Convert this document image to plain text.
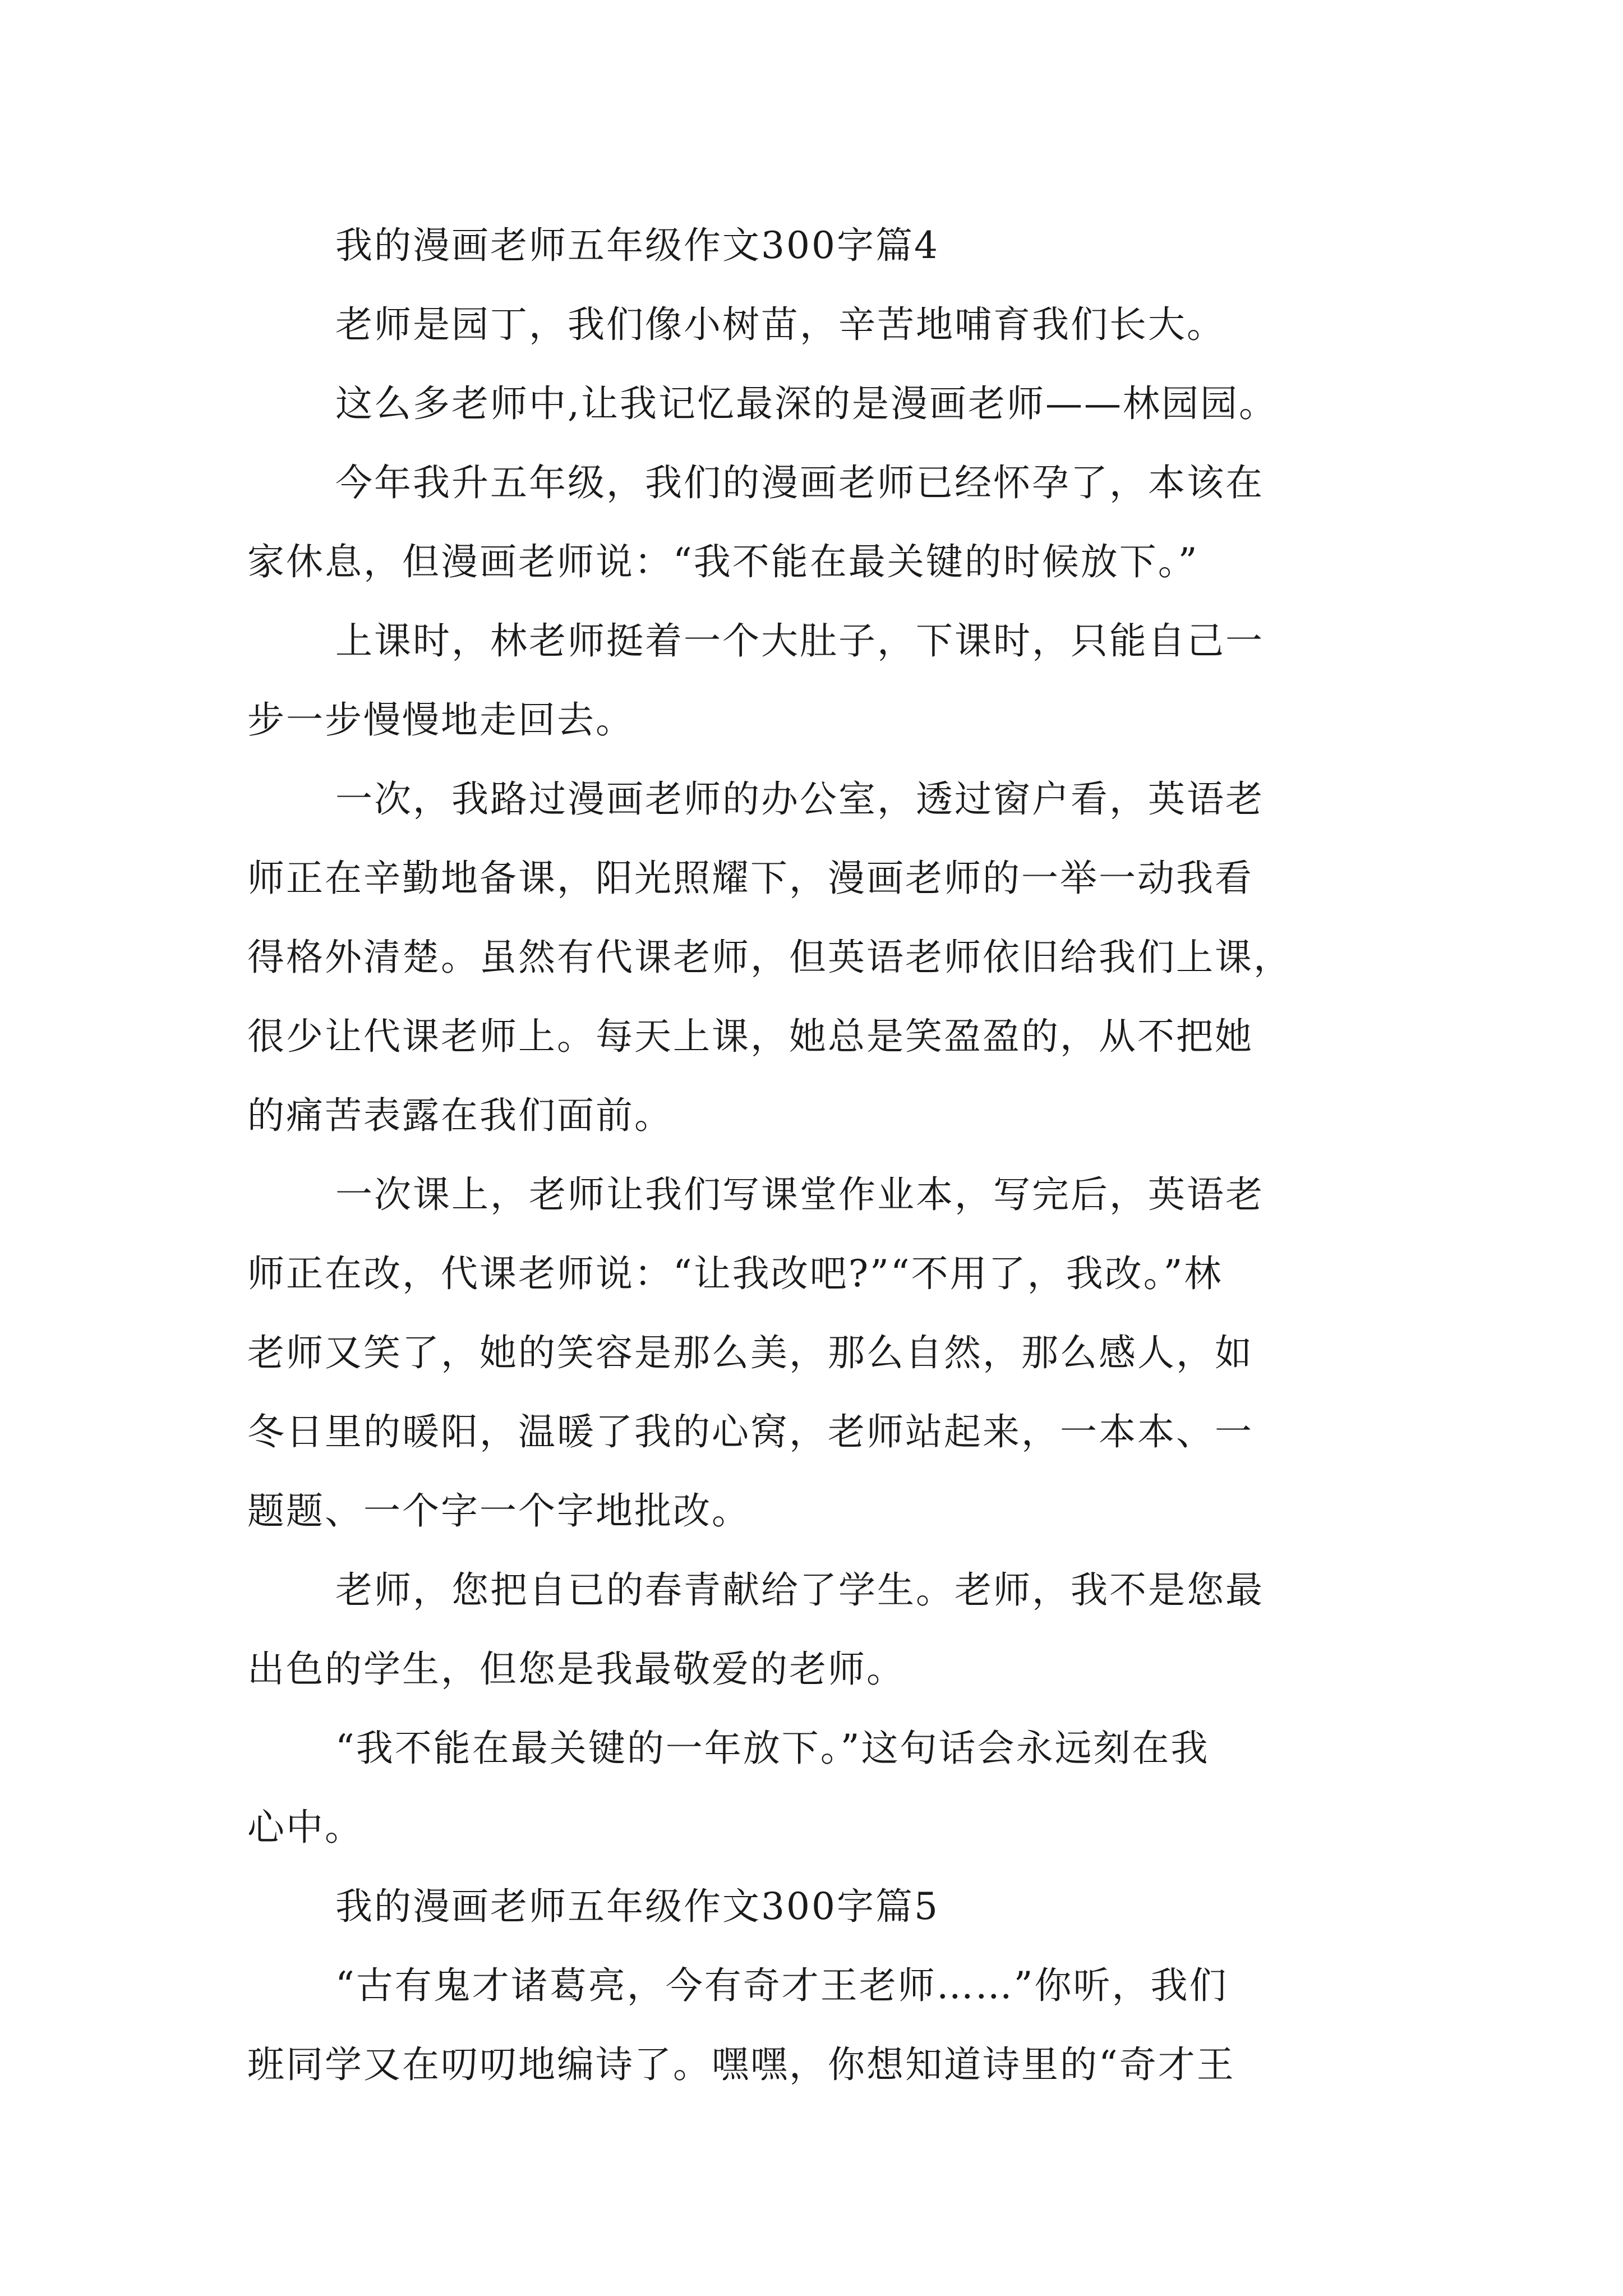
我的漫画老师五年级作文300字篇4
老师是园丁，我们像小树苗，辛苦地哺育我们长大。
这么多老师中,让我记忆最深的是漫画老师——林园园。
今年我升五年级，我们的漫画老师已经怀孕了，本该在
家休息，但漫画老师说：“我不能在最关键的时候放下。”
上课时，林老师挺着一个大肚子，下课时，只能自己一
步一步慢慢地走回去。
一次，我路过漫画老师的办公室，透过窗户看，英语老
师正在辛勤地备课，阳光照耀下，漫画老师的一举一动我看
得格外清楚。虽然有代课老师，但英语老师依旧给我们上课，
很少让代课老师上。每天上课，她总是笑盈盈的，从不把她
的痛苦表露在我们面前。
一次课上，老师让我们写课堂作业本，写完后，英语老
师正在改，代课老师说：“让我改吧?”“不用了，我改。”林
老师又笑了，她的笑容是那么美，那么自然，那么感人，如
冬日里的暖阳，温暖了我的心窝，老师站起来，一本本、一
题题、一个字一个字地批改。
老师，您把自已的春青献给了学生。老师，我不是您最
出色的学生，但您是我最敬爱的老师。
“我不能在最关键的一年放下。”这句话会永远刻在我
心中。
我的漫画老师五年级作文300字篇5
“古有鬼才诸葛亮，今有奇才王老师……”你听，我们
班同学又在叨叨地编诗了。嘿嘿，你想知道诗里的“奇才王
